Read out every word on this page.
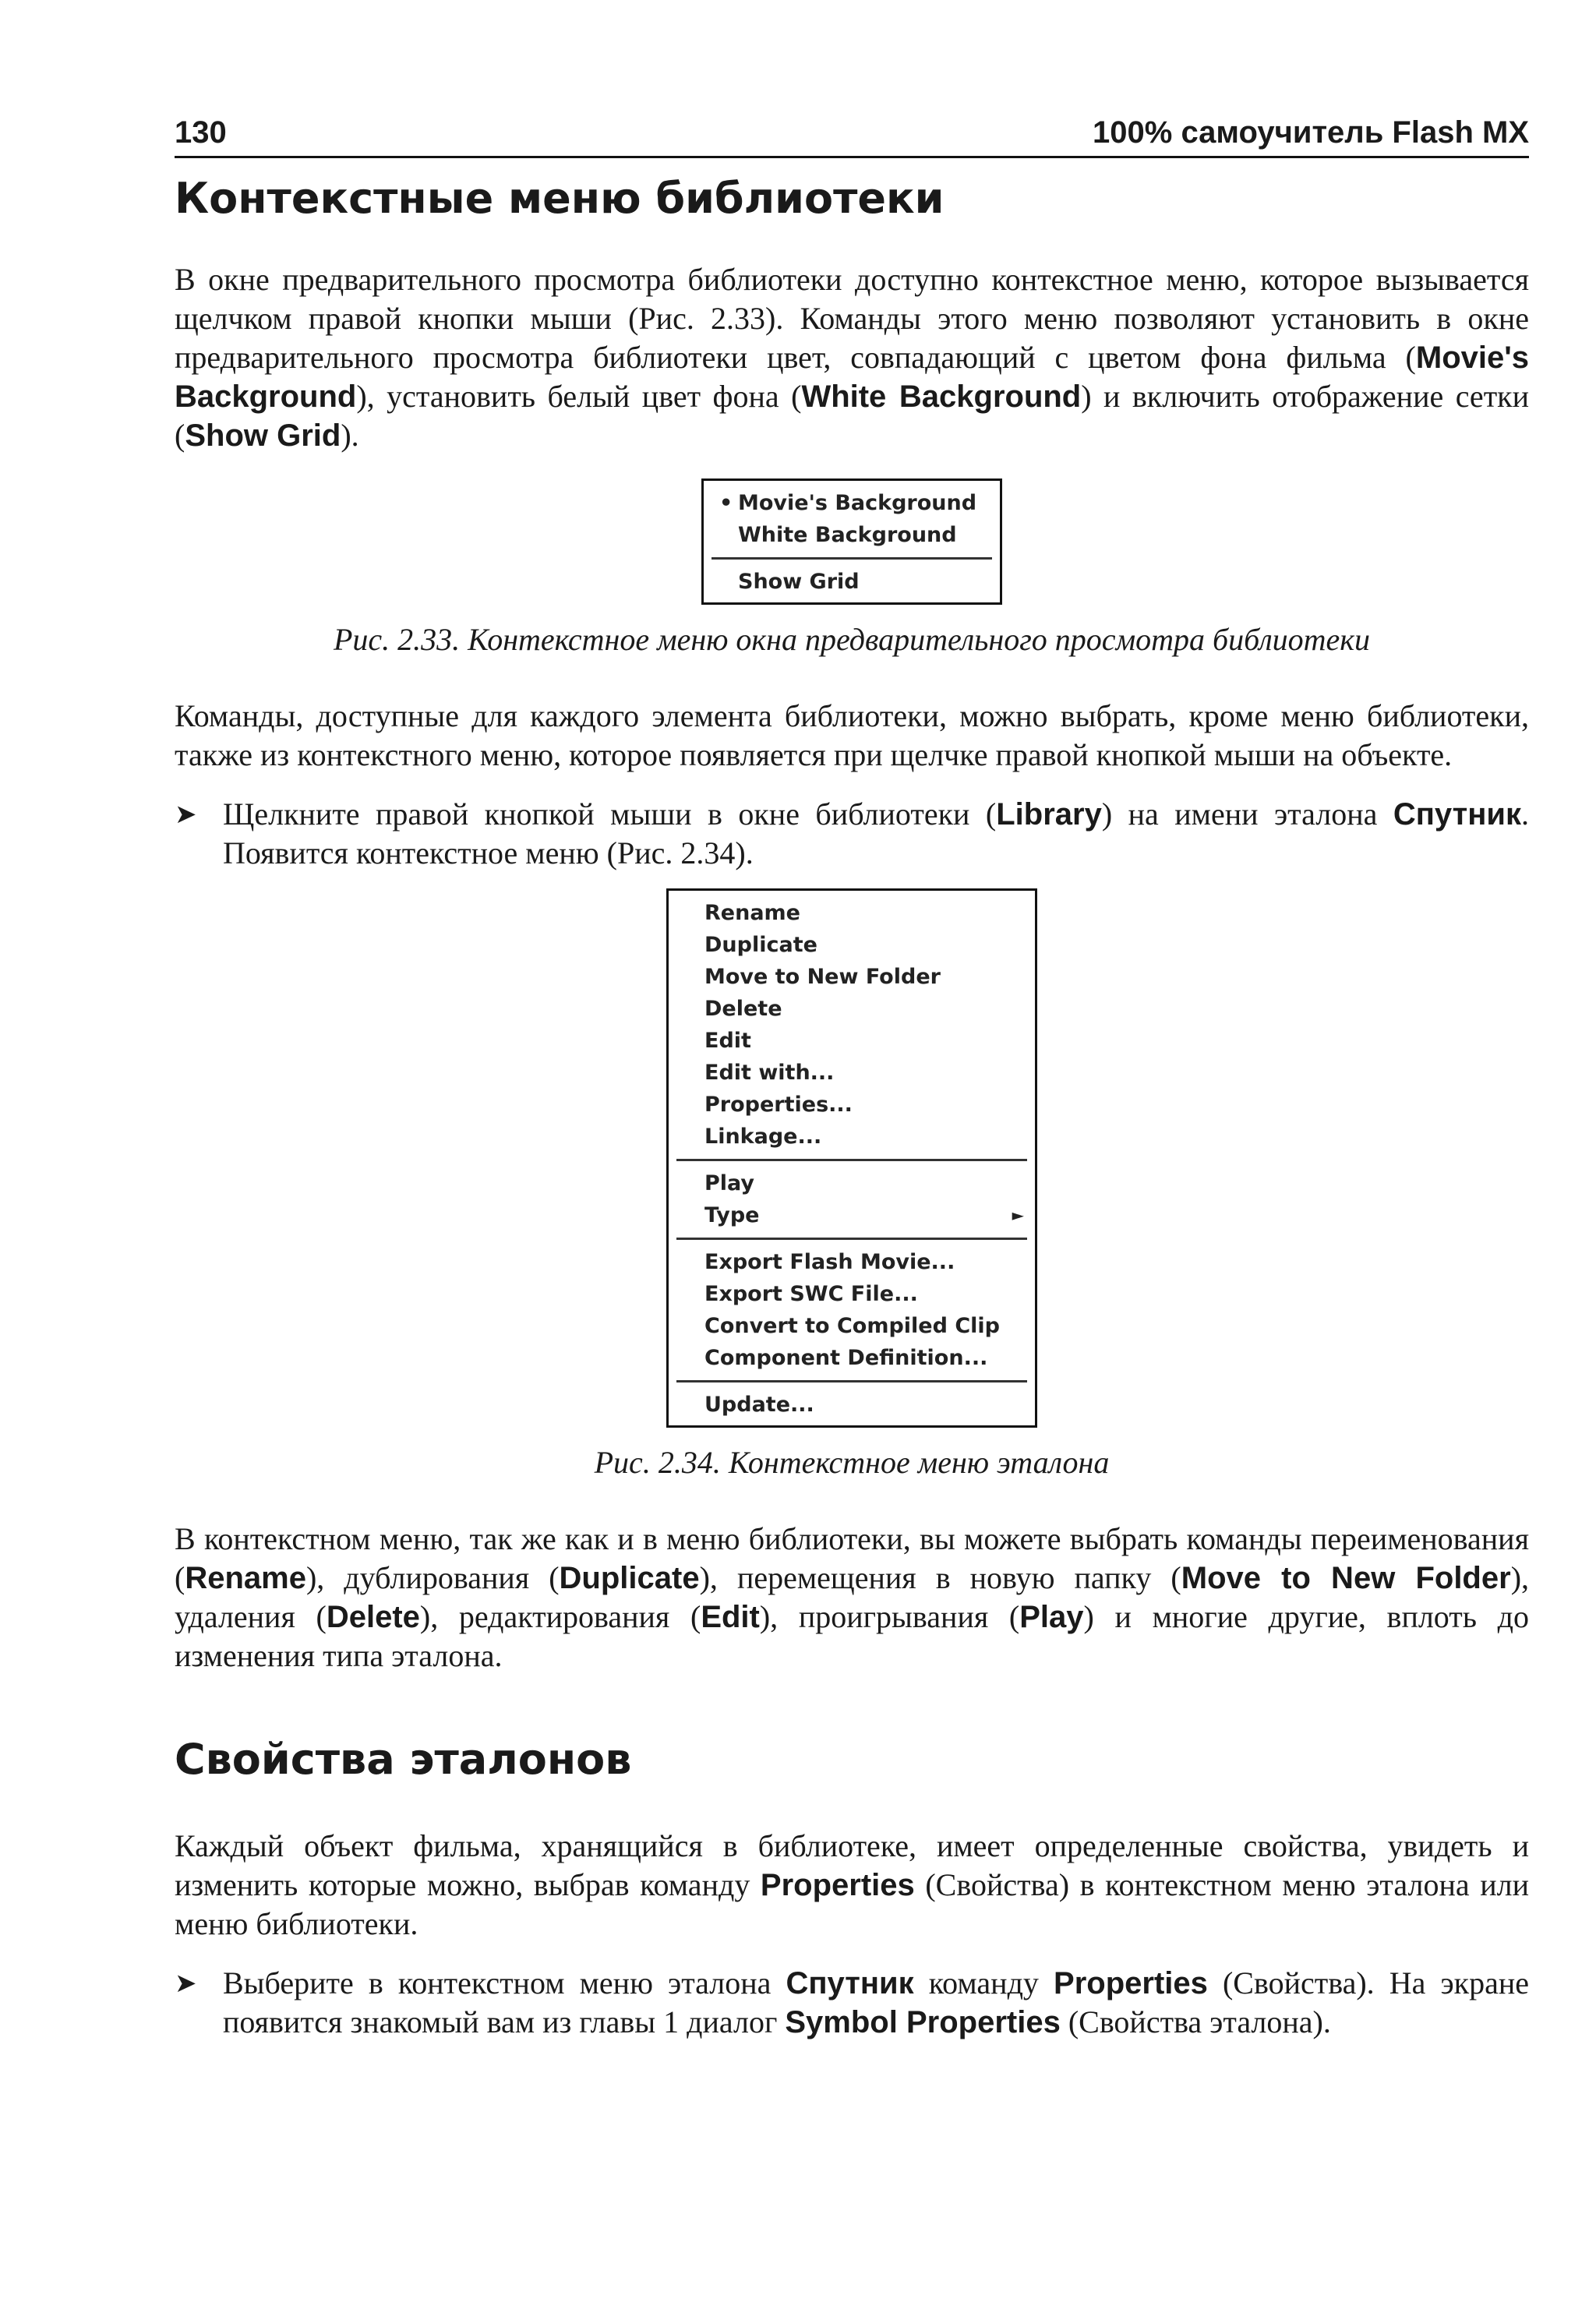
130	100% самоучитель Flash MX
Контекстные меню библиотеки

В окне предварительного просмотра библиотеки доступно контекстное меню, которое вызывается щелчком правой кнопки мыши (Рис. 2.33). Команды этого меню позволяют установить в окне предварительного просмотра библиотеки цвет, совпадающий с цветом фона фильма (Movie's Background), установить белый цвет фона (White Background) и включить отображение сетки (Show Grid).

• Movie's Background
White Background
Show Grid
Рис. 2.33. Контекстное меню окна предварительного просмотра библиотеки

Команды, доступные для каждого элемента библиотеки, можно выбрать, кроме меню библиотеки, также из контекстного меню, которое появляется при щелчке правой кнопкой мыши на объекте.

➤ Щелкните правой кнопкой мыши в окне библиотеки (Library) на имени эталона Спутник. Появится контекстное меню (Рис. 2.34).

Rename
Duplicate
Move to New Folder
Delete
Edit
Edit with...
Properties...
Linkage...
Play
Type	►
Export Flash Movie...
Export SWC File...
Convert to Compiled Clip
Component Definition...
Update...
Рис. 2.34. Контекстное меню эталона

В контекстном меню, так же как и в меню библиотеки, вы можете выбрать команды переименования (Rename), дублирования (Duplicate), перемещения в новую папку (Move to New Folder), удаления (Delete), редактирования (Edit), проигрывания (Play) и многие другие, вплоть до изменения типа эталона.

Свойства эталонов

Каждый объект фильма, хранящийся в библиотеке, имеет определенные свойства, увидеть и изменить которые можно, выбрав команду Properties (Свойства) в контекстном меню эталона или меню библиотеки.

➤ Выберите в контекстном меню эталона Спутник команду Properties (Свойства). На экране появится знакомый вам из главы 1 диалог Symbol Properties (Свойства эталона).
